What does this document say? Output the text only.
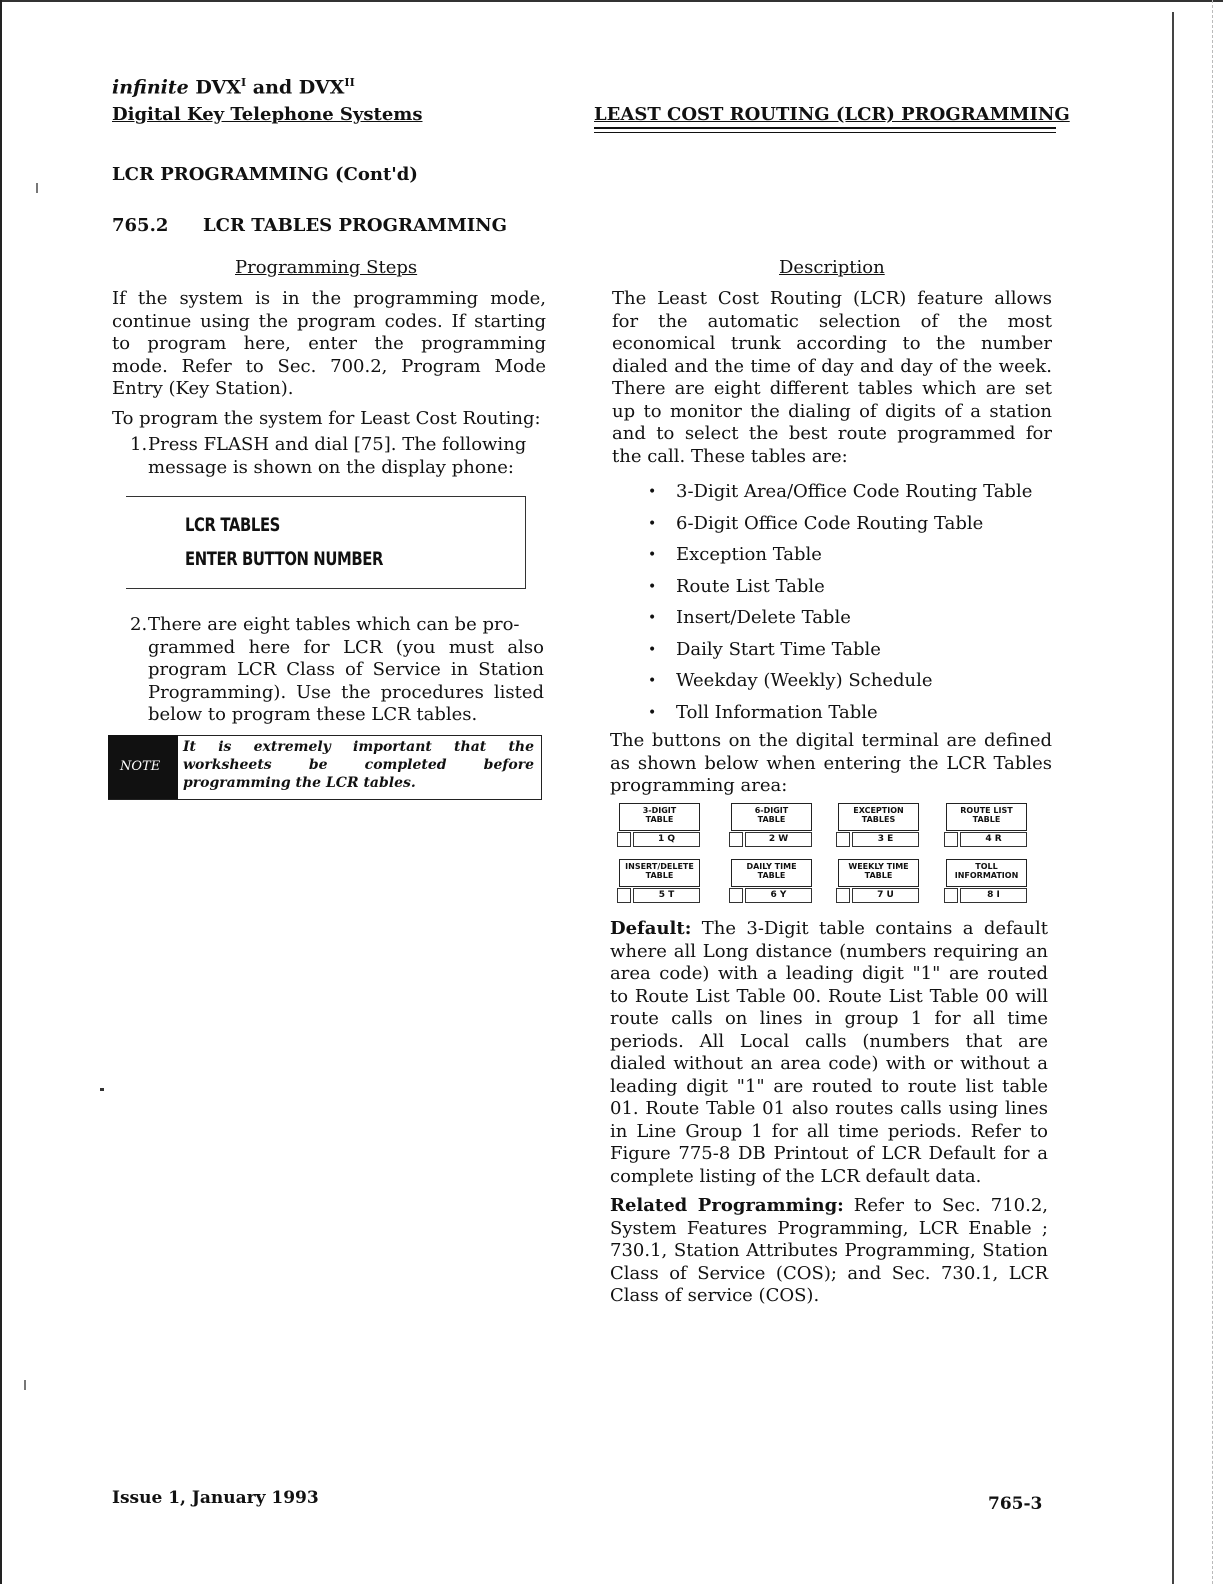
infinite $DVX^I$ and $DVX^{II}$
Digital Key Telephone Systems	LEAST COST ROUTING (LCR) PROGRAMMING
LCR PROGRAMMING (Cont'd)
765.2 LCR TABLES PROGRAMMING
Programming Steps
If the system is in the programming mode, continue using the program codes. If starting to program here, enter the programming mode. Refer to Sec. 700.2, Program Mode Entry (Key Station).
To program the system for Least Cost Routing:
1.Press FLASH and dial [75]. The following
message is shown on the display phone:
LCR TABLES
ENTER BUTTON NUMBER
2.There are eight tables which can be pro-
grammed here for LCR (you must also program LCR Class of Service in Station Programming). Use the procedures listed below to program these LCR tables.
NOTE
It is extremely important that the worksheets be completed before programming the LCR tables.
Description
The Least Cost Routing (LCR) feature allows for the automatic selection of the most economical trunk according to the number dialed and the time of day and day of the week. There are eight different tables which are set up to monitor the dialing of digits of a station and to select the best route programmed for the call. These tables are:
• 3-Digit Area/Office Code Routing Table
• 6-Digit Office Code Routing Table
• Exception Table
• Route List Table
• Insert/Delete Table
• Daily Start Time Table
• Weekday (Weekly) Schedule
• Toll Information Table
The buttons on the digital terminal are defined as shown below when entering the LCR Tables programming area:
3-DIGIT
TABLE
1 Q
6-DIGIT
TABLE
2 W
EXCEPTION
TABLES
3 E
ROUTE LIST
TABLE
4 R
INSERT/DELETE
TABLE
5 T
DAILY TIME
TABLE
6 Y
WEEKLY TIME
TABLE
7 U
TOLL
INFORMATION
8 I
Default: The 3-Digit table contains a default where all Long distance (numbers requiring an area code) with a leading digit "1" are routed to Route List Table 00. Route List Table 00 will route calls on lines in group 1 for all time periods. All Local calls (numbers that are dialed without an area code) with or without a leading digit "1" are routed to route list table 01. Route Table 01 also routes calls using lines in Line Group 1 for all time periods. Refer to Figure 775-8 DB Printout of LCR Default for a complete listing of the LCR default data.
Related Programming: Refer to Sec. 710.2, System Features Programming, LCR Enable ; 730.1, Station Attributes Programming, Station Class of Service (COS); and Sec. 730.1, LCR Class of service (COS).
Issue 1, January 1993	765-3
